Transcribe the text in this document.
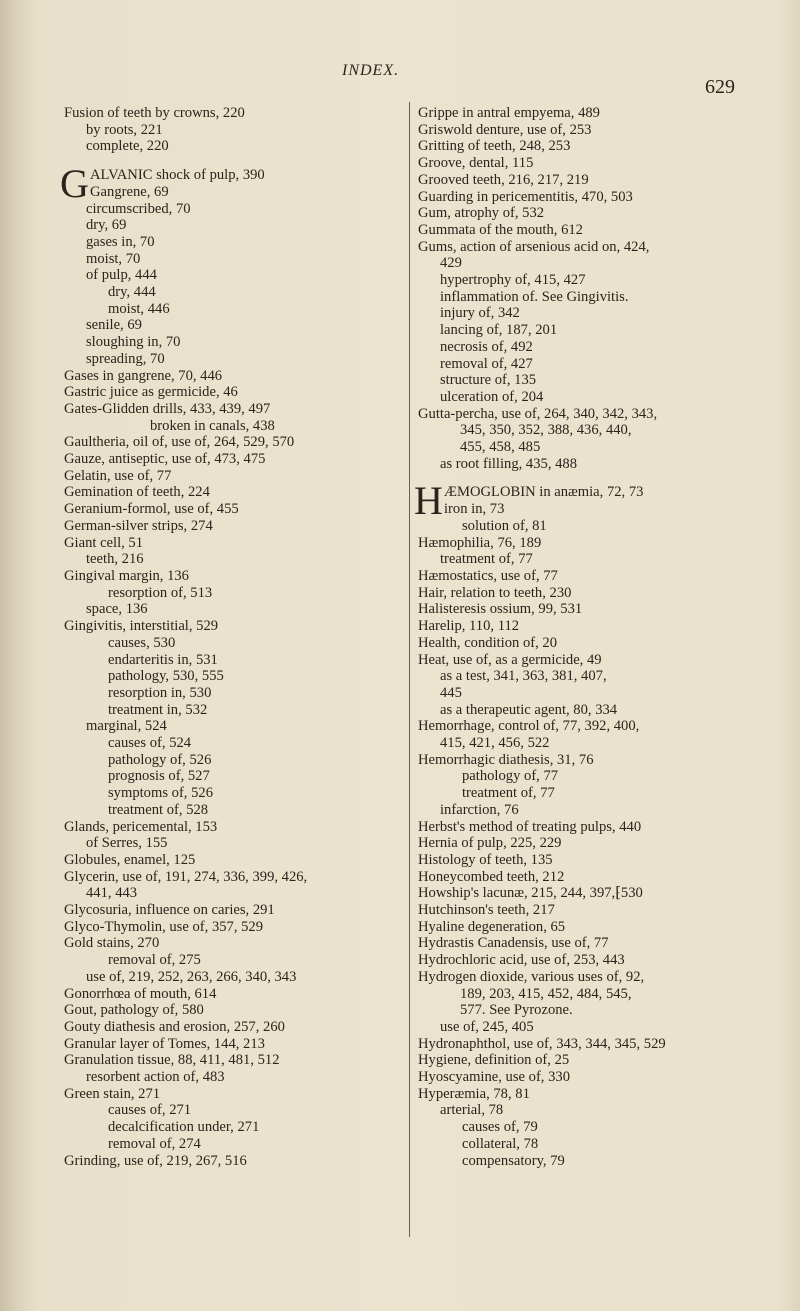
INDEX.
629
Fusion of teeth by crowns, 220
by roots, 221
complete, 220
G ALVANIC shock of pulp, 390
Gangrene, 69
circumscribed, 70
dry, 69
gases in, 70
moist, 70
of pulp, 444
dry, 444
moist, 446
senile, 69
sloughing in, 70
spreading, 70
Gases in gangrene, 70, 446
Gastric juice as germicide, 46
Gates-Glidden drills, 433, 439, 497
broken in canals, 438
Gaultheria, oil of, use of, 264, 529, 570
Gauze, antiseptic, use of, 473, 475
Gelatin, use of, 77
Gemination of teeth, 224
Geranium-formol, use of, 455
German-silver strips, 274
Giant cell, 51
teeth, 216
Gingival margin, 136
resorption of, 513
space, 136
Gingivitis, interstitial, 529
causes, 530
endarteritis in, 531
pathology, 530, 555
resorption in, 530
treatment in, 532
marginal, 524
causes of, 524
pathology of, 526
prognosis of, 527
symptoms of, 526
treatment of, 528
Glands, pericemental, 153
of Serres, 155
Globules, enamel, 125
Glycerin, use of, 191, 274, 336, 399, 426,
441, 443
Glycosuria, influence on caries, 291
Glyco-Thymolin, use of, 357, 529
Gold stains, 270
removal of, 275
use of, 219, 252, 263, 266, 340, 343
Gonorrhœa of mouth, 614
Gout, pathology of, 580
Gouty diathesis and erosion, 257, 260
Granular layer of Tomes, 144, 213
Granulation tissue, 88, 411, 481, 512
resorbent action of, 483
Green stain, 271
causes of, 271
decalcification under, 271
removal of, 274
Grinding, use of, 219, 267, 516
Grippe in antral empyema, 489
Griswold denture, use of, 253
Gritting of teeth, 248, 253
Groove, dental, 115
Grooved teeth, 216, 217, 219
Guarding in pericementitis, 470, 503
Gum, atrophy of, 532
Gummata of the mouth, 612
Gums, action of arsenious acid on, 424,
429
hypertrophy of, 415, 427
inflammation of. See Gingivitis.
injury of, 342
lancing of, 187, 201
necrosis of, 492
removal of, 427
structure of, 135
ulceration of, 204
Gutta-percha, use of, 264, 340, 342, 343,
345, 350, 352, 388, 436, 440,
455, 458, 485
as root filling, 435, 488
H ÆMOGLOBIN in anæmia, 72, 73
iron in, 73
solution of, 81
Hæmophilia, 76, 189
treatment of, 77
Hæmostatics, use of, 77
Hair, relation to teeth, 230
Halisteresis ossium, 99, 531
Harelip, 110, 112
Health, condition of, 20
Heat, use of, as a germicide, 49
as a test, 341, 363, 381, 407,
445
as a therapeutic agent, 80, 334
Hemorrhage, control of, 77, 392, 400,
415, 421, 456, 522
Hemorrhagic diathesis, 31, 76
pathology of, 77
treatment of, 77
infarction, 76
Herbst's method of treating pulps, 440
Hernia of pulp, 225, 229
Histology of teeth, 135
Honeycombed teeth, 212
Howship's lacunæ, 215, 244, 397,⁅530
Hutchinson's teeth, 217
Hyaline degeneration, 65
Hydrastis Canadensis, use of, 77
Hydrochloric acid, use of, 253, 443
Hydrogen dioxide, various uses of, 92,
189, 203, 415, 452, 484, 545,
577. See Pyrozone.
use of, 245, 405
Hydronaphthol, use of, 343, 344, 345, 529
Hygiene, definition of, 25
Hyoscyamine, use of, 330
Hyperæmia, 78, 81
arterial, 78
causes of, 79
collateral, 78
compensatory, 79
